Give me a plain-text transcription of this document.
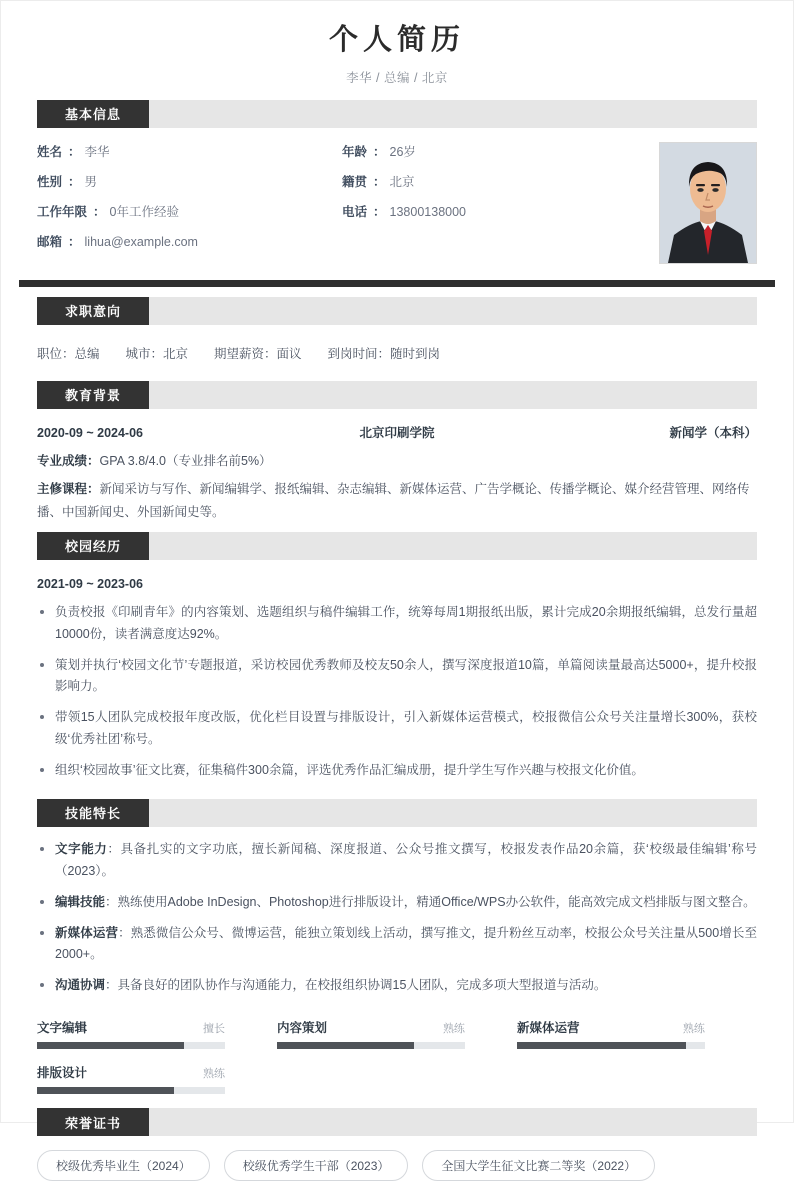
个人简历
李华 / 总编 / 北京
基本信息
姓名 ： 李华
性别 ： 男
工作年限 ： 0年工作经验
邮箱 ： lihua@example.com
年龄 ： 26岁
籍贯 ： 北京
电话 ： 13800138000
求职意向
职位：总编 城市：北京 期望薪资：面议 到岗时间：随时到岗
教育背景
2020-09 ~ 2024-06	北京印刷学院	新闻学（本科）
专业成绩：GPA 3.8/4.0（专业排名前5%）
主修课程：新闻采访与写作、新闻编辑学、报纸编辑、杂志编辑、新媒体运营、广告学概论、传播学概论、媒介经营管理、网络传播、中国新闻史、外国新闻史等。
校园经历
2021-09 ~ 2023-06
负责校报《印刷青年》的内容策划、选题组织与稿件编辑工作，统筹每周1期报纸出版，累计完成20余期报纸编辑，总发行量超10000份，读者满意度达92%。
策划并执行‘校园文化节’专题报道，采访校园优秀教师及校友50余人，撰写深度报道10篇，单篇阅读量最高达5000+，提升校报影响力。
带领15人团队完成校报年度改版，优化栏目设置与排版设计，引入新媒体运营模式，校报微信公众号关注量增长300%，获校级‘优秀社团’称号。
组织‘校园故事’征文比赛，征集稿件300余篇，评选优秀作品汇编成册，提升学生写作兴趣与校报文化价值。
技能特长
文字能力：具备扎实的文字功底，擅长新闻稿、深度报道、公众号推文撰写，校报发表作品20余篇，获‘校级最佳编辑’称号（2023）。
编辑技能：熟练使用Adobe InDesign、Photoshop进行排版设计，精通Office/WPS办公软件，能高效完成文档排版与图文整合。
新媒体运营：熟悉微信公众号、微博运营，能独立策划线上活动，撰写推文，提升粉丝互动率，校报公众号关注量从500增长至2000+。
沟通协调：具备良好的团队协作与沟通能力，在校报组织协调15人团队，完成多项大型报道与活动。
文字编辑	擅长	内容策划	熟练	新媒体运营	熟练
排版设计	熟练
荣誉证书
校级优秀毕业生（2024）	校级优秀学生干部（2023）	全国大学生征文比赛二等奖（2022）
